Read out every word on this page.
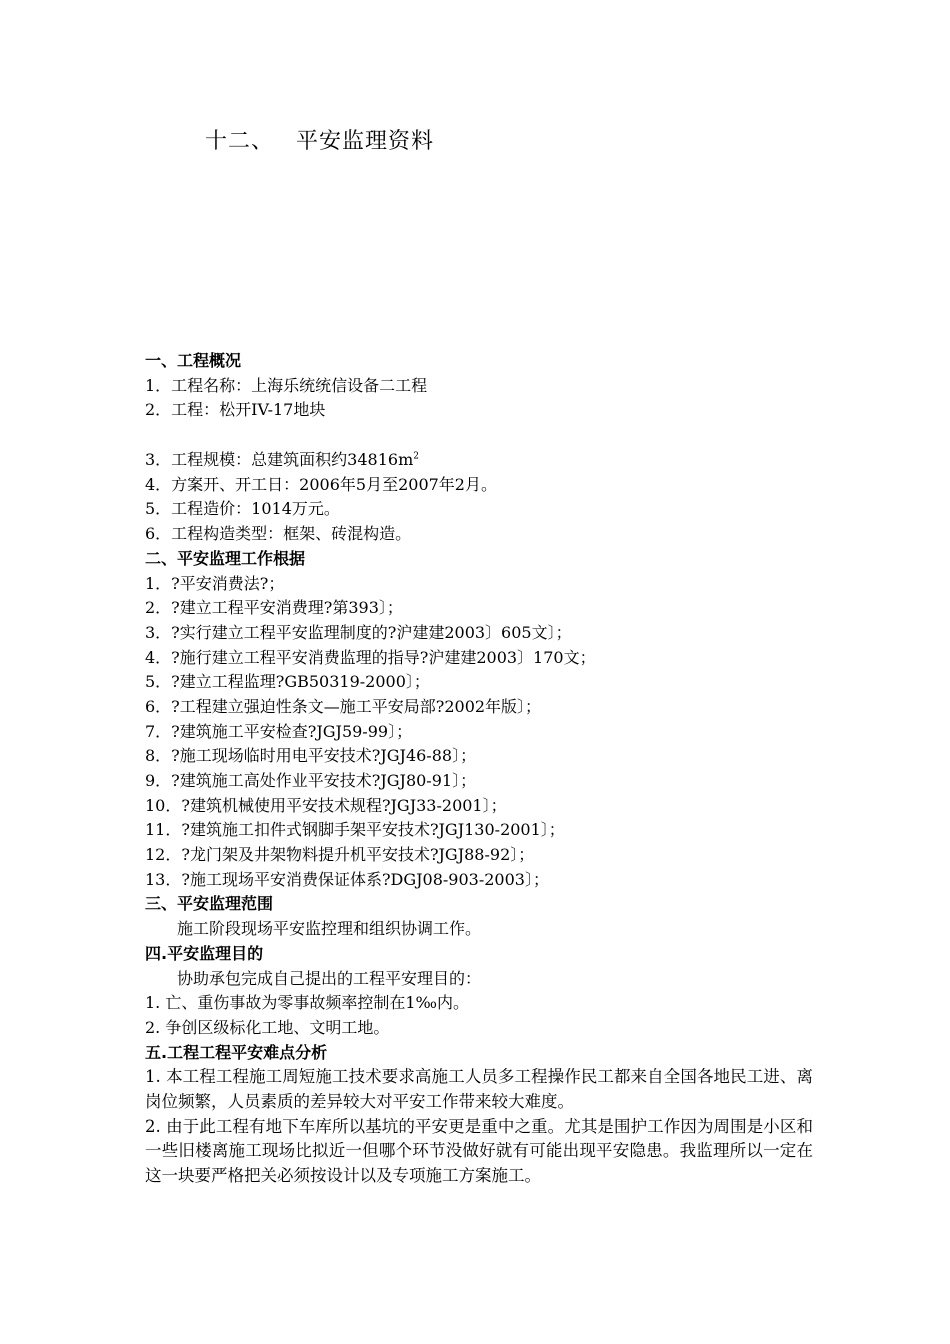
十二、 平安监理资料
一、工程概况
1．工程名称：上海乐统统信设备二工程
2．工程：松开IV-17地块
3．工程规模：总建筑面积约$34816m^2$
4．方案开、开工日：2006年5月至2007年2月。
5．工程造价：1014万元。
6．工程构造类型：框架、砖混构造。
二、平安监理工作根据
1．?平安消费法?；
2．?建立工程平安消费理?第393〕；
3．?实行建立工程平安监理制度的?沪建建2003〕605文〕；
4．?施行建立工程平安消费监理的指导?沪建建2003〕170文；
5．?建立工程监理?GB50319-2000〕；
6．?工程建立强迫性条文—施工平安局部?2002年版〕；
7．?建筑施工平安检查?JGJ59-99〕；
8．?施工现场临时用电平安技术?JGJ46-88〕；
9．?建筑施工高处作业平安技术?JGJ80-91〕；
10．?建筑机械使用平安技术规程?JGJ33-2001〕；
11．?建筑施工扣件式钢脚手架平安技术?JGJ130-2001〕；
12．?龙门架及井架物料提升机平安技术?JGJ88-92〕；
13．?施工现场平安消费保证体系?DGJ08-903-2003〕；
三、平安监理范围
施工阶段现场平安监控理和组织协调工作。
四.平安监理目的
协助承包完成自己提出的工程平安理目的：
1. 亡、重伤事故为零事故频率控制在1‰内。
2. 争创区级标化工地、文明工地。
五.工程工程平安难点分析
1. 本工程工程施工周短施工技术要求高施工人员多工程操作民工都来自全国各地民工进、离岗位频繁，人员素质的差异较大对平安工作带来较大难度。
2. 由于此工程有地下车库所以基坑的平安更是重中之重。尤其是围护工作因为周围是小区和一些旧楼离施工现场比拟近一但哪个环节没做好就有可能出现平安隐患。我监理所以一定在这一块要严格把关必须按设计以及专项施工方案施工。
